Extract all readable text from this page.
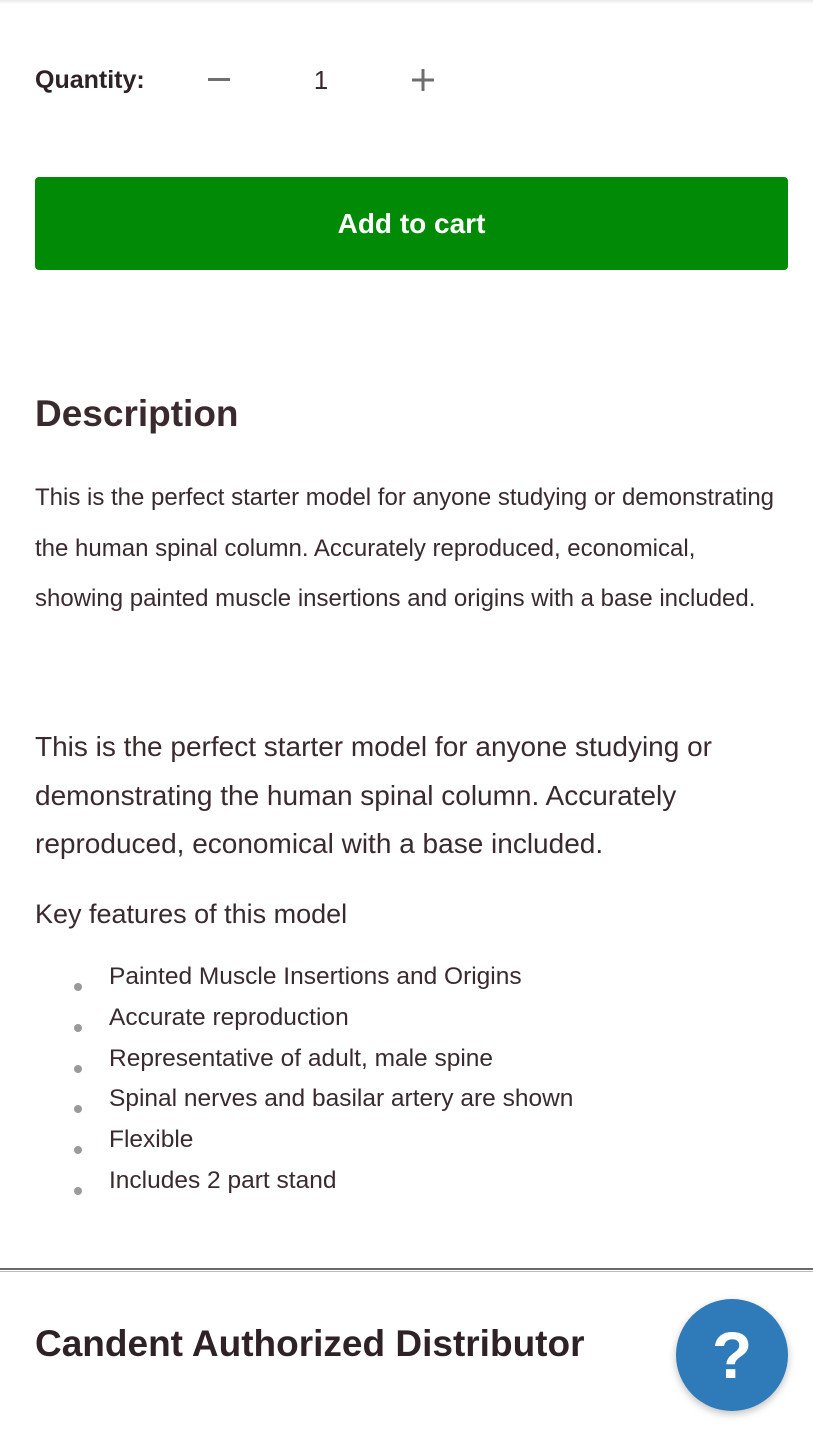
Quantity:	1
Add to cart
Description

This is the perfect starter model for anyone studying or demonstrating the human spinal column. Accurately reproduced, economical, showing painted muscle insertions and origins with a base included.

This is the perfect starter model for anyone studying or demonstrating the human spinal column. Accurately reproduced, economical with a base included.

Key features of this model

Painted Muscle Insertions and Origins
Accurate reproduction
Representative of adult, male spine
Spinal nerves and basilar artery are shown
Flexible
Includes 2 part stand
Candent Authorized Distributor ?
